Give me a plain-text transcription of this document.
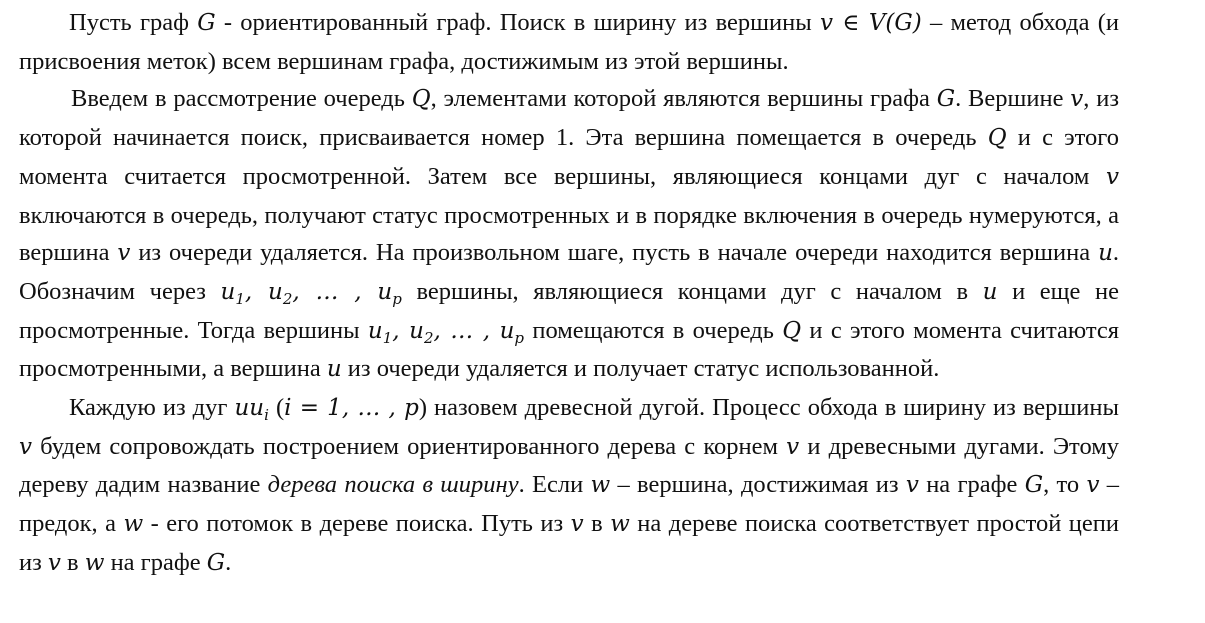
Пусть граф G - ориентированный граф. Поиск в ширину из вершины v ∈ V(G) – метод обхода (и присвоения меток) всем вершинам графа, достижимым из этой вершины.

Введем в рассмотрение очередь Q, элементами которой являются вершины графа G. Вершине v, из которой начинается поиск, присваивается номер 1. Эта вершина помещается в очередь Q и с этого момента считается просмотренной. Затем все вершины, являющиеся концами дуг с началом v включаются в очередь, получают статус просмотренных и в порядке включения в очередь нумеруются, а вершина v из очереди удаляется. На произвольном шаге, пусть в начале очереди находится вершина u. Обозначим через $u_1$, $u_2$, … , $u_p$ вершины, являющиеся концами дуг с началом в u и еще не просмотренные. Тогда вершины $u_1$, $u_2$, … , $u_p$ помещаются в очередь Q и с этого момента считаются просмотренными, а вершина u из очереди удаляется и получает статус использованной.

Каждую из дуг $uu_i$ (i = 1, … , p) назовем древесной дугой. Процесс обхода в ширину из вершины v будем сопровождать построением ориентированного дерева с корнем v и древесными дугами. Этому дереву дадим название дерева поиска в ширину. Если w – вершина, достижимая из v на графе G, то v – предок, а w - его потомок в дереве поиска. Путь из v в w на дереве поиска соответствует простой цепи из v в w на графе G.
